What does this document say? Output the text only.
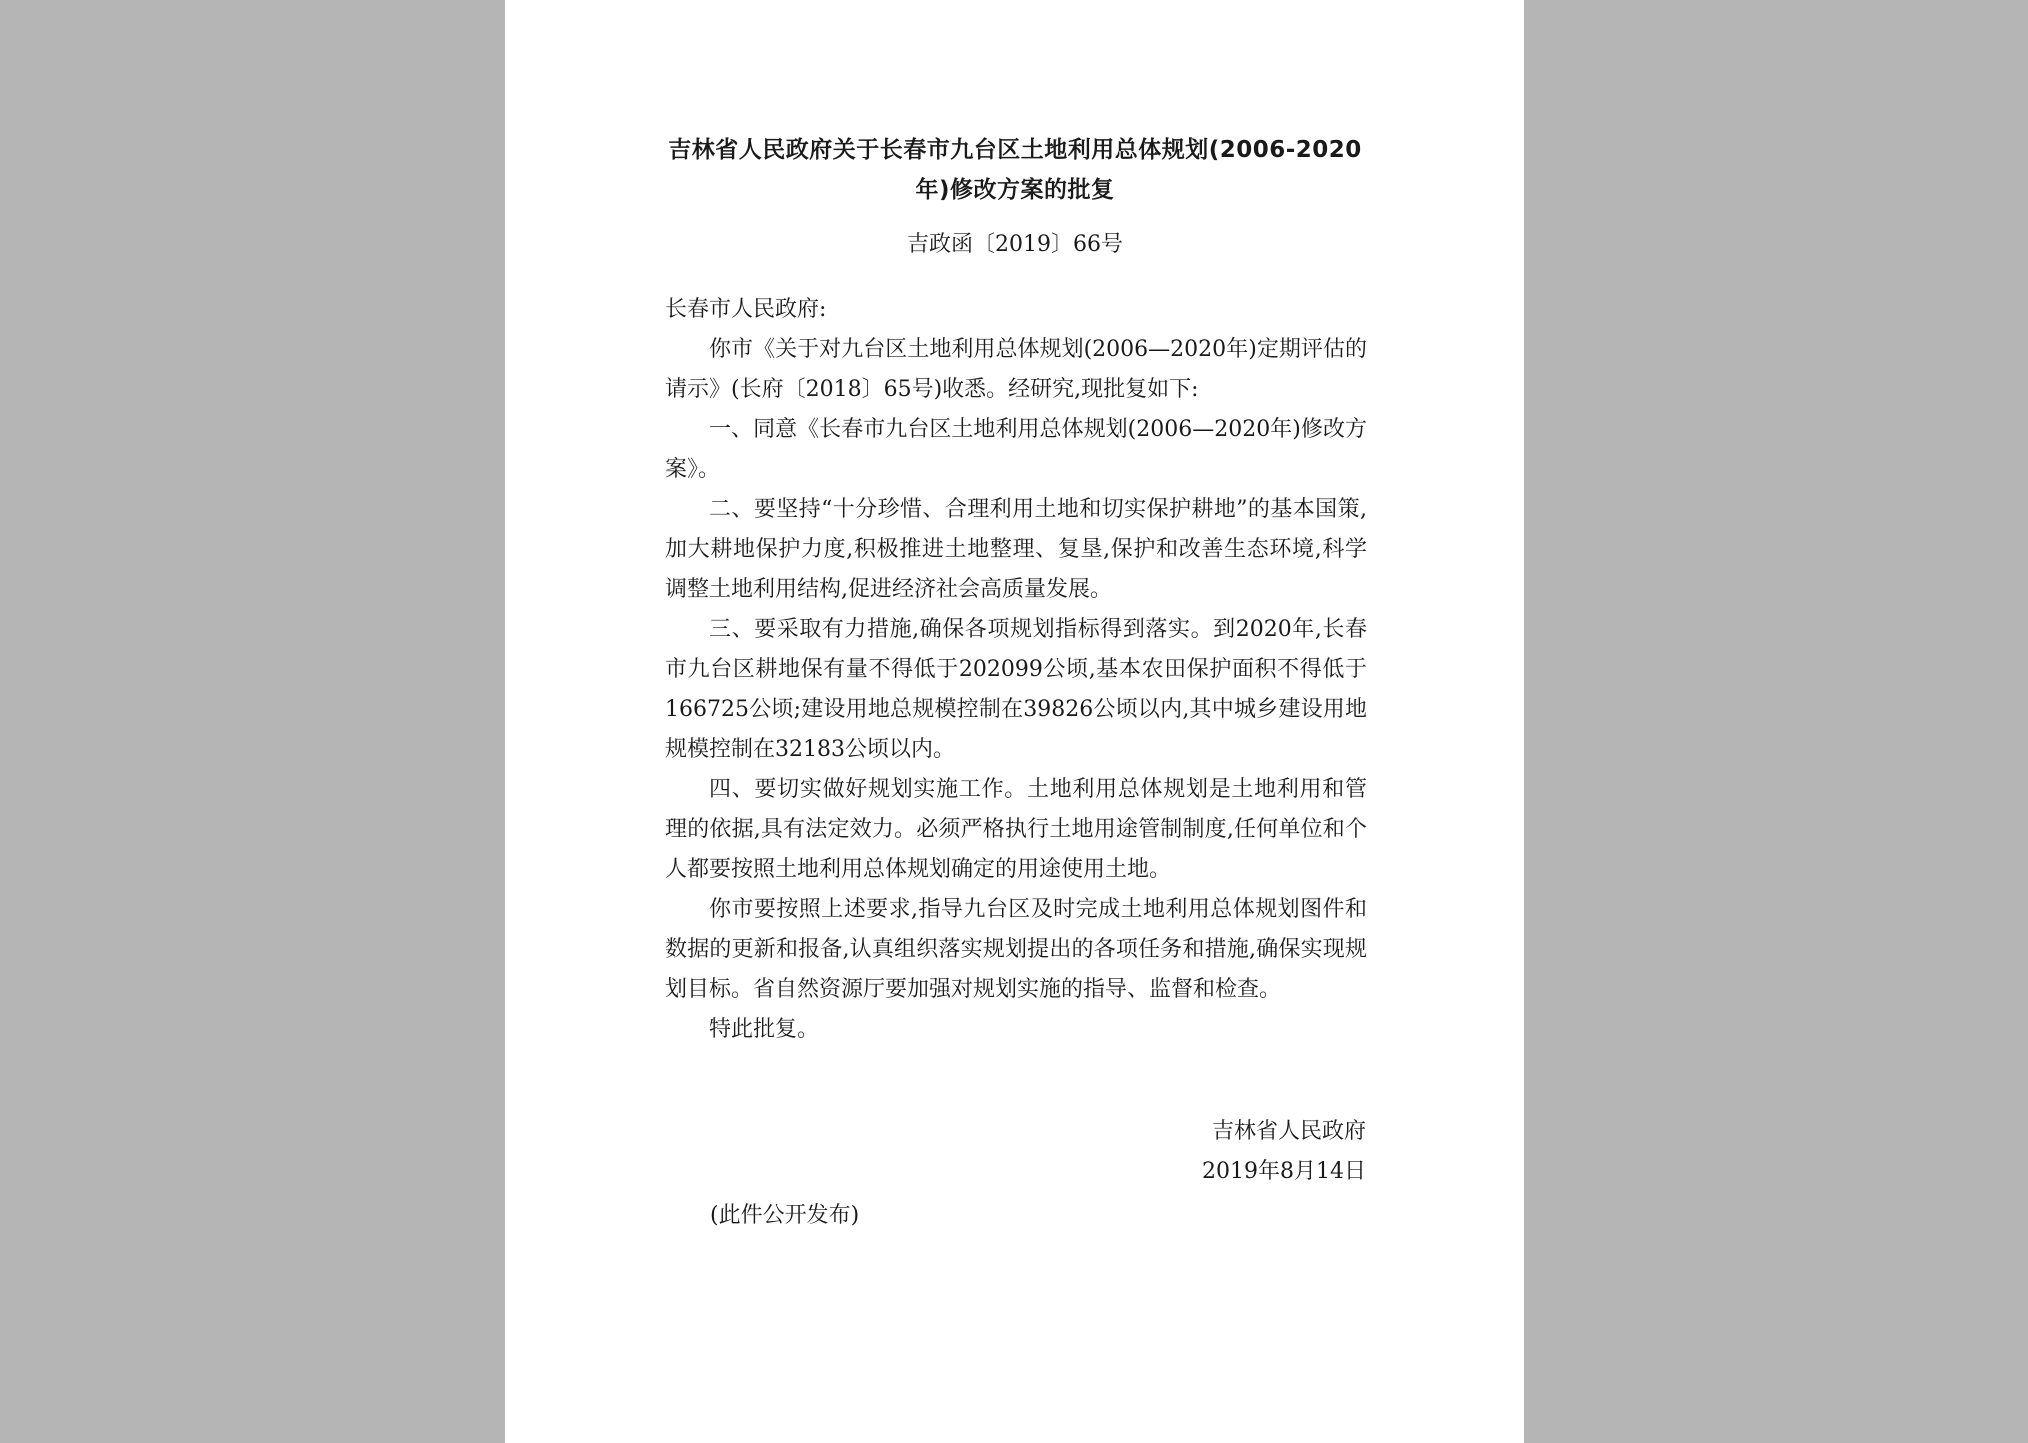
吉林省人民政府关于长春市九台区土地利用总体规划(2006-2020
年)修改方案的批复
吉政函〔2019〕66号

长春市人民政府:

你市《关于对九台区土地利用总体规划(2006—2020年)定期评估的请示》(长府〔2018〕65号)收悉。经研究,现批复如下:

一、同意《长春市九台区土地利用总体规划(2006—2020年)修改方案》。

二、要坚持“十分珍惜、合理利用土地和切实保护耕地”的基本国策,加大耕地保护力度,积极推进土地整理、复垦,保护和改善生态环境,科学调整土地利用结构,促进经济社会高质量发展。

三、要采取有力措施,确保各项规划指标得到落实。到2020年,长春市九台区耕地保有量不得低于202099公顷,基本农田保护面积不得低于166725公顷;建设用地总规模控制在39826公顷以内,其中城乡建设用地规模控制在32183公顷以内。

四、要切实做好规划实施工作。土地利用总体规划是土地利用和管理的依据,具有法定效力。必须严格执行土地用途管制制度,任何单位和个人都要按照土地利用总体规划确定的用途使用土地。

你市要按照上述要求,指导九台区及时完成土地利用总体规划图件和数据的更新和报备,认真组织落实规划提出的各项任务和措施,确保实现规划目标。省自然资源厅要加强对规划实施的指导、监督和检查。

特此批复。

吉林省人民政府
2019年8月14日
(此件公开发布)
